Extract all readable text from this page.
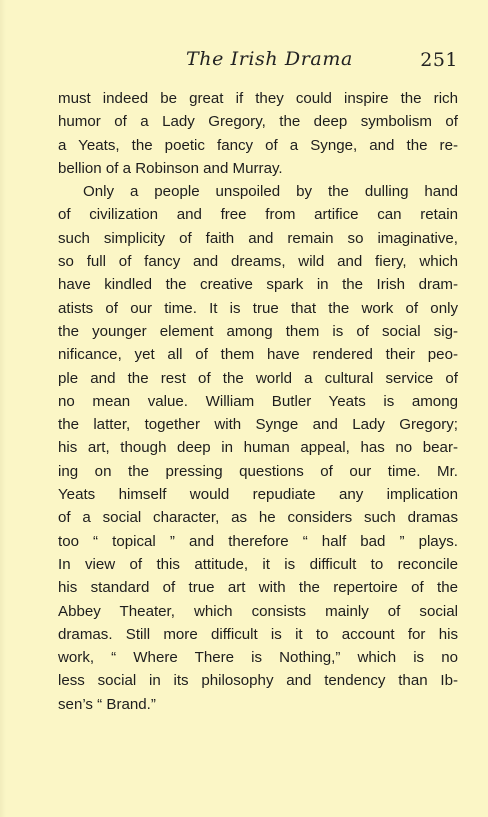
The Irish Drama	251
must indeed be great if they could inspire the rich
humor of a Lady Gregory, the deep symbolism of
a Yeats, the poetic fancy of a Synge, and the re-
bellion of a Robinson and Murray.
Only a people unspoiled by the dulling hand
of civilization and free from artifice can retain
such simplicity of faith and remain so imaginative,
so full of fancy and dreams, wild and fiery, which
have kindled the creative spark in the Irish dram-
atists of our time. It is true that the work of only
the younger element among them is of social sig-
nificance, yet all of them have rendered their peo-
ple and the rest of the world a cultural service of
no mean value. William Butler Yeats is among
the latter, together with Synge and Lady Gregory;
his art, though deep in human appeal, has no bear-
ing on the pressing questions of our time. Mr.
Yeats himself would repudiate any implication
of a social character, as he considers such dramas
too “ topical ” and therefore “ half bad ” plays.
In view of this attitude, it is difficult to reconcile
his standard of true art with the repertoire of the
Abbey Theater, which consists mainly of social
dramas. Still more difficult is it to account for his
work, “ Where There is Nothing,” which is no
less social in its philosophy and tendency than Ib-
sen’s “ Brand.”
